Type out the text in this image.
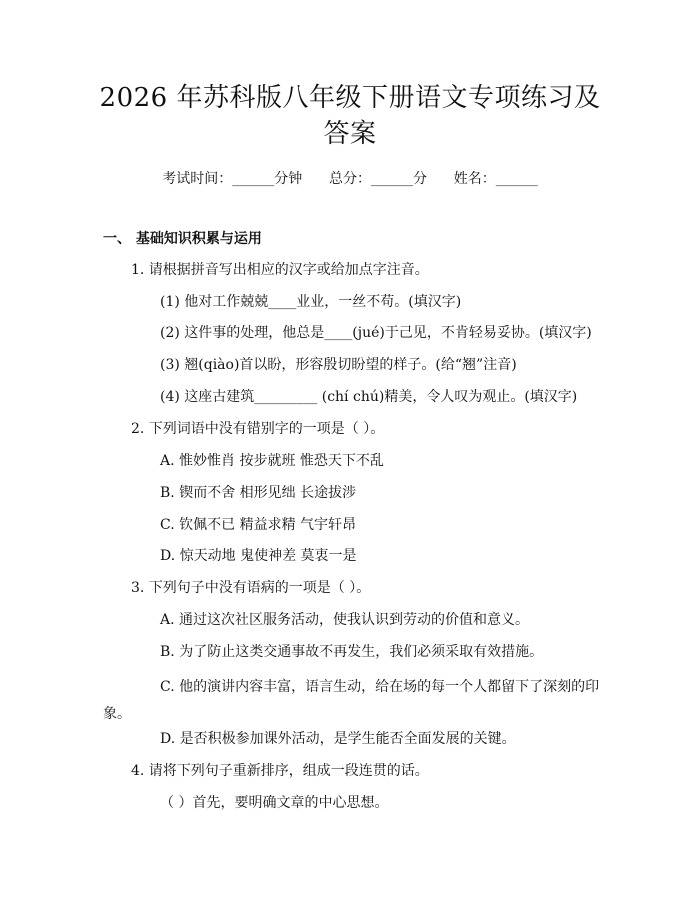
2026 年苏科版八年级下册语文专项练习及答案
考试时间：______分钟      总分：______分      姓名：______
一、 基础知识积累与运用
1. 请根据拼音写出相应的汉字或给加点字注音。
(1) 他对工作兢兢____业业，一丝不苟。(填汉字)
(2) 这件事的处理，他总是____(jué)于己见，不肯轻易妥协。(填汉字)
(3) 翘(qiào)首以盼，形容殷切盼望的样子。(给“翘”注音)
(4) 这座古建筑_________ (chí chú)精美，令人叹为观止。(填汉字)
2. 下列词语中没有错别字的一项是（ ）。
A. 惟妙惟肖 按步就班 惟恐天下不乱
B. 锲而不舍 相形见绌 长途拔涉
C. 钦佩不已 精益求精 气宇轩昂
D. 惊天动地 鬼使神差 莫衷一是
3. 下列句子中没有语病的一项是（ ）。
A. 通过这次社区服务活动，使我认识到劳动的价值和意义。
B. 为了防止这类交通事故不再发生，我们必须采取有效措施。
C. 他的演讲内容丰富，语言生动，给在场的每一个人都留下了深刻的印象。
D. 是否积极参加课外活动，是学生能否全面发展的关键。
4. 请将下列句子重新排序，组成一段连贯的话。
（ ）首先，要明确文章的中心思想。
